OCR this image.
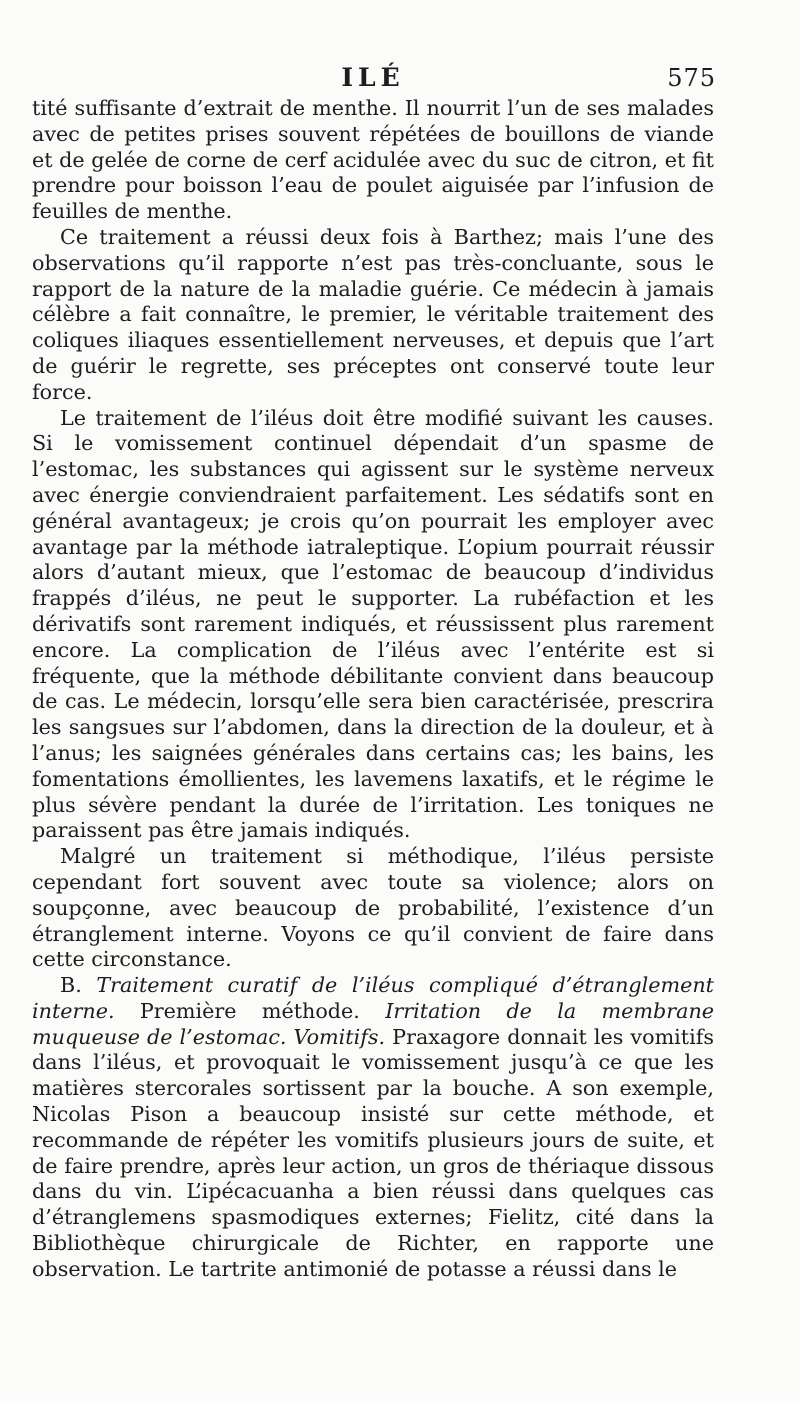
ILÉ	575

tité suffisante d’extrait de menthe. Il nourrit l’un de ses malades avec de petites prises souvent répétées de bouillons de viande et de gelée de corne de cerf acidulée avec du suc de citron, et fit prendre pour boisson l’eau de poulet aiguisée par l’infusion de feuilles de menthe.

Ce traitement a réussi deux fois à Barthez; mais l’une des observations qu’il rapporte n’est pas très-concluante, sous le rapport de la nature de la maladie guérie. Ce médecin à jamais célèbre a fait connaître, le premier, le véritable traitement des coliques iliaques essentiellement nerveuses, et depuis que l’art de guérir le regrette, ses préceptes ont conservé toute leur force.

Le traitement de l’iléus doit être modifié suivant les causes. Si le vomissement continuel dépendait d’un spasme de l’estomac, les substances qui agissent sur le système nerveux avec énergie conviendraient parfaitement. Les sédatifs sont en général avantageux; je crois qu’on pourrait les employer avec avantage par la méthode iatraleptique. L’opium pourrait réussir alors d’autant mieux, que l’estomac de beaucoup d’individus frappés d’iléus, ne peut le supporter. La rubéfaction et les dérivatifs sont rarement indiqués, et réussissent plus rarement encore. La complication de l’iléus avec l’entérite est si fréquente, que la méthode débilitante convient dans beaucoup de cas. Le médecin, lorsqu’elle sera bien caractérisée, prescrira les sangsues sur l’abdomen, dans la direction de la douleur, et à l’anus; les saignées générales dans certains cas; les bains, les fomentations émollientes, les lavemens laxatifs, et le régime le plus sévère pendant la durée de l’irritation. Les toniques ne paraissent pas être jamais indiqués.

Malgré un traitement si méthodique, l’iléus persiste cependant fort souvent avec toute sa violence; alors on soupçonne, avec beaucoup de probabilité, l’existence d’un étranglement interne. Voyons ce qu’il convient de faire dans cette circonstance.

B. Traitement curatif de l’iléus compliqué d’étranglement interne. Première méthode. Irritation de la membrane muqueuse de l’estomac. Vomitifs. Praxagore donnait les vomitifs dans l’iléus, et provoquait le vomissement jusqu’à ce que les matières stercorales sortissent par la bouche. A son exemple, Nicolas Pison a beaucoup insisté sur cette méthode, et recommande de répéter les vomitifs plusieurs jours de suite, et de faire prendre, après leur action, un gros de thériaque dissous dans du vin. L’ipécacuanha a bien réussi dans quelques cas d’étranglemens spasmodiques externes; Fielitz, cité dans la Bibliothèque chirurgicale de Richter, en rapporte une observation. Le tartrite antimonié de potasse a réussi dans le
